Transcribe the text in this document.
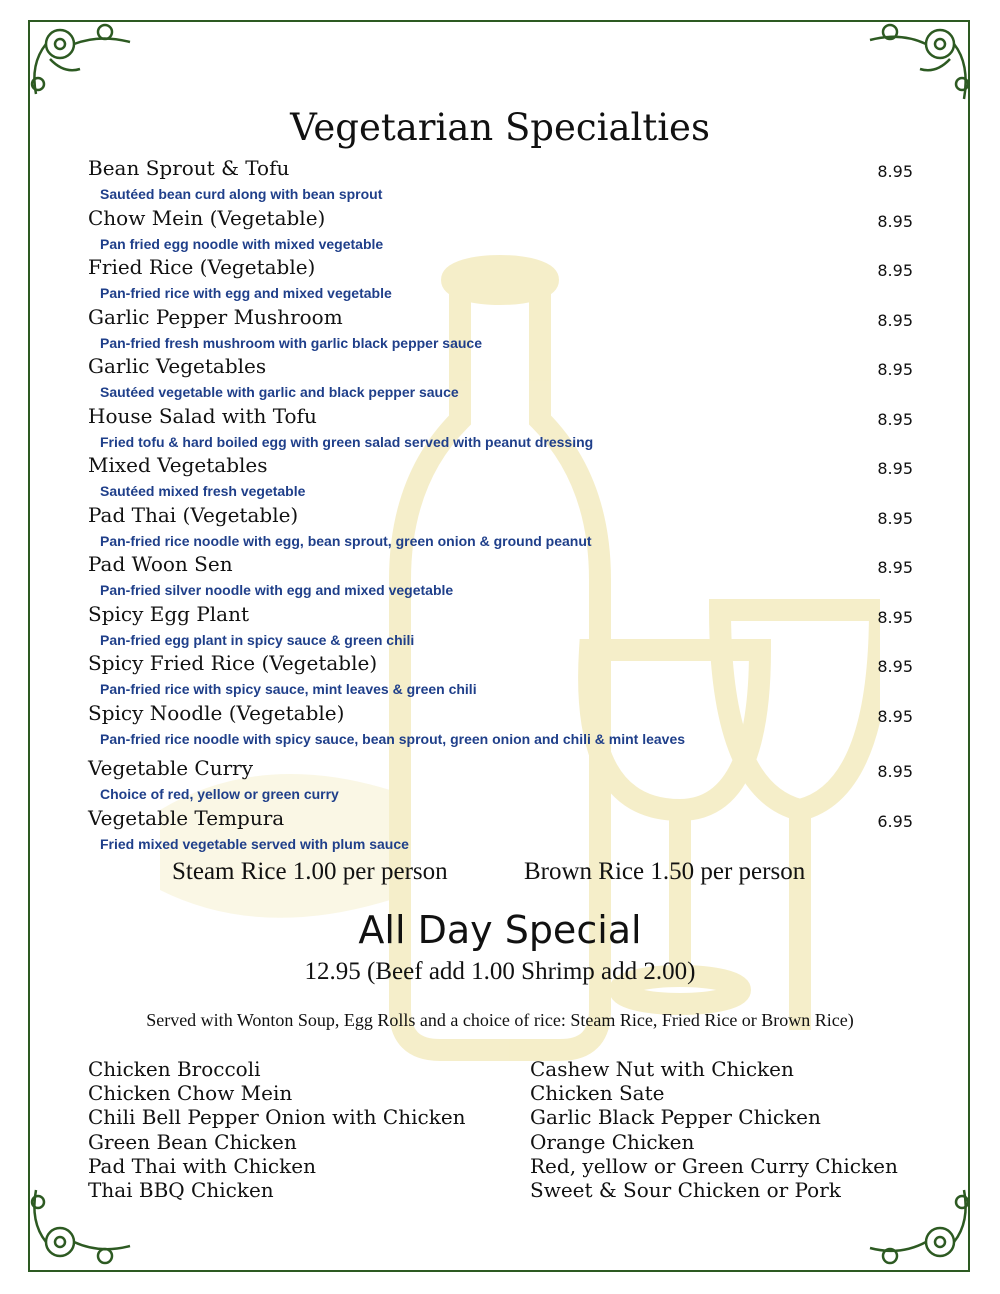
Vegetarian Specialties
Bean Sprout & Tofu
Sautéed bean curd along with bean sprout
8.95
Chow Mein (Vegetable)
Pan fried egg noodle with mixed vegetable
8.95
Fried Rice (Vegetable)
Pan-fried rice with egg and mixed vegetable
8.95
Garlic Pepper Mushroom
Pan-fried fresh mushroom with garlic black pepper sauce
8.95
Garlic Vegetables
Sautéed vegetable with garlic and black pepper sauce
8.95
House Salad with Tofu
Fried tofu & hard boiled egg with green salad served with peanut dressing
8.95
Mixed Vegetables
Sautéed mixed fresh vegetable
8.95
Pad Thai (Vegetable)
Pan-fried rice noodle with egg, bean sprout, green onion & ground peanut
8.95
Pad Woon Sen
Pan-fried silver noodle with egg and mixed vegetable
8.95
Spicy Egg Plant
Pan-fried egg plant in spicy sauce & green chili
8.95
Spicy Fried Rice (Vegetable)
Pan-fried rice with spicy sauce, mint leaves & green chili
8.95
Spicy Noodle (Vegetable)
Pan-fried rice noodle with spicy sauce, bean sprout, green onion and chili & mint leaves
8.95
Vegetable Curry
Choice of red, yellow or green curry
8.95
Vegetable Tempura
Fried mixed vegetable served with plum sauce
6.95
Steam Rice 1.00 per person	Brown Rice 1.50 per person
All Day Special
12.95 (Beef add 1.00 Shrimp add 2.00)
Served with Wonton Soup, Egg Rolls and a choice of rice: Steam Rice, Fried Rice or Brown Rice)
Chicken Broccoli
Chicken Chow Mein
Chili Bell Pepper Onion with Chicken
Green Bean Chicken
Pad Thai with Chicken
Thai BBQ Chicken
Cashew Nut with Chicken
Chicken Sate
Garlic Black Pepper Chicken
Orange Chicken
Red, yellow or Green Curry Chicken
Sweet & Sour Chicken or Pork
